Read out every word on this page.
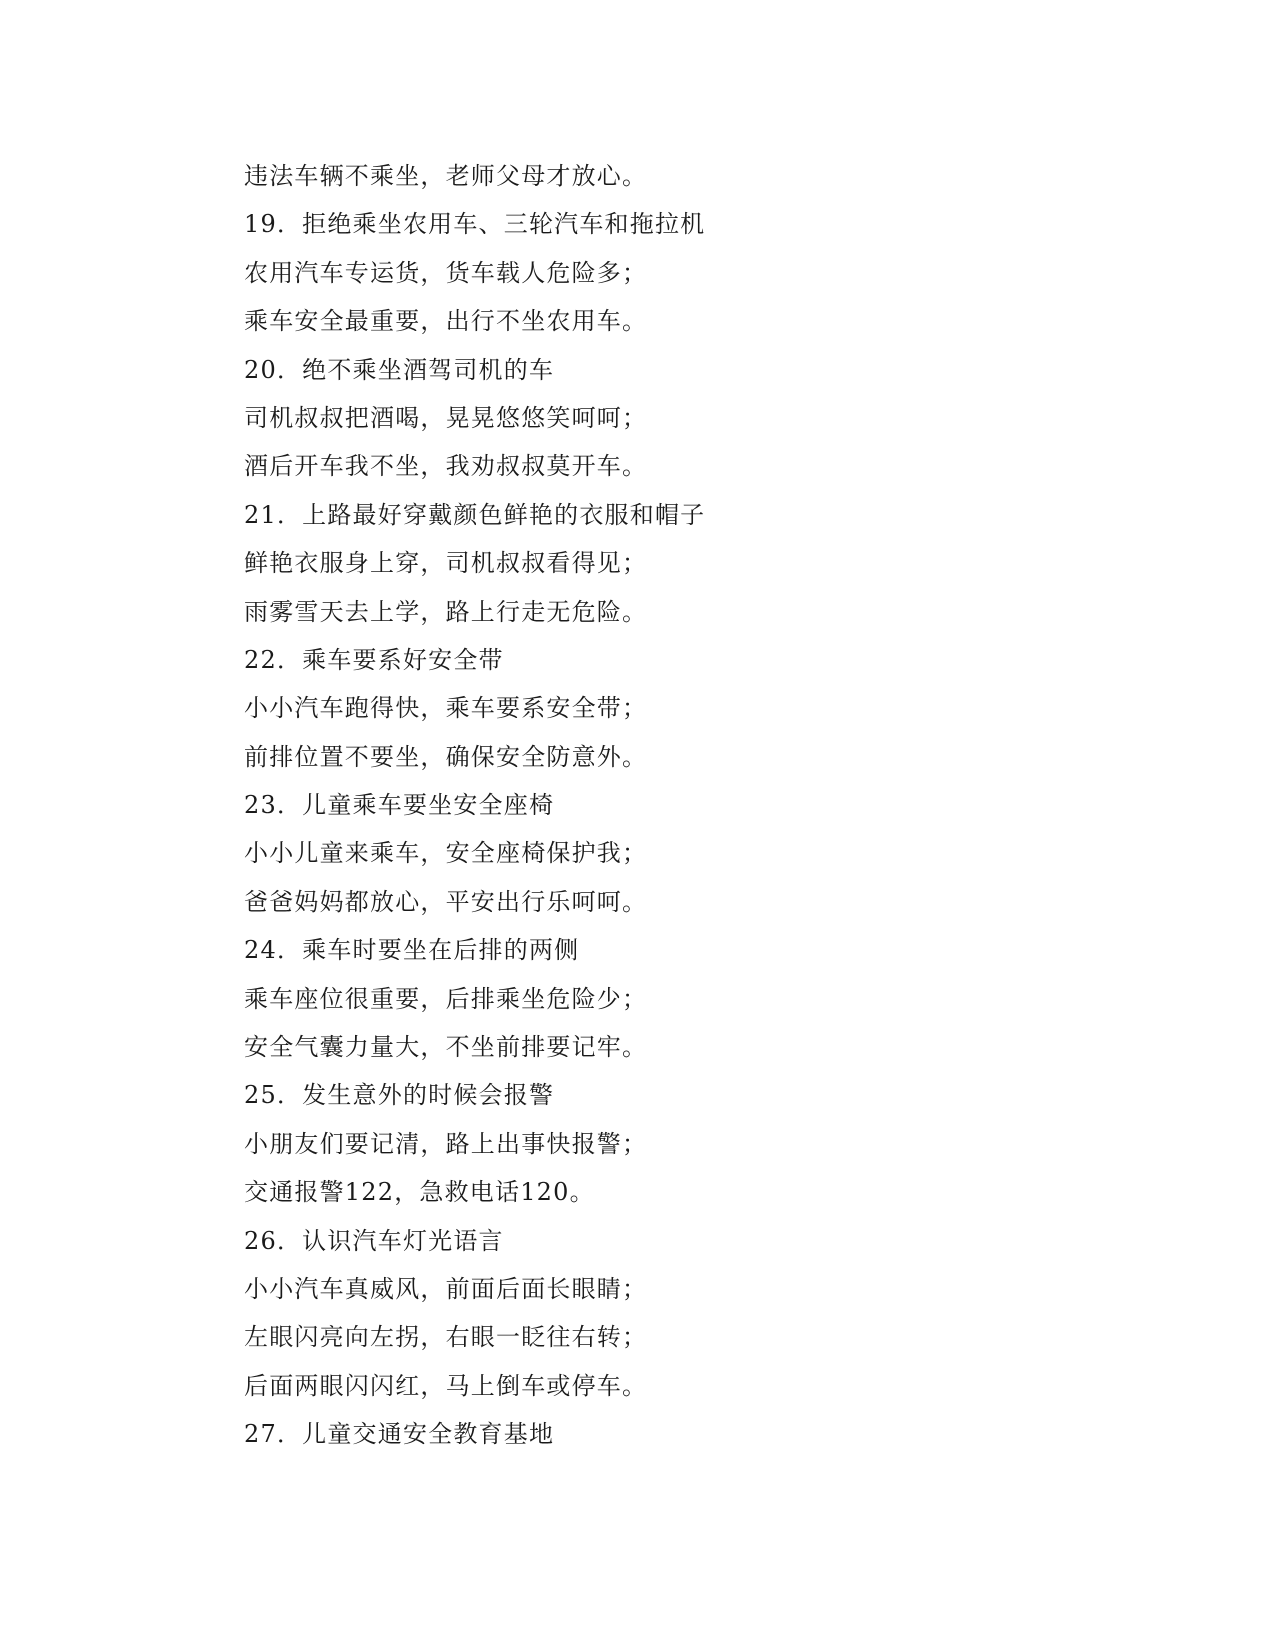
违法车辆不乘坐，老师父母才放心。
19．拒绝乘坐农用车、三轮汽车和拖拉机
农用汽车专运货，货车载人危险多；
乘车安全最重要，出行不坐农用车。
20．绝不乘坐酒驾司机的车
司机叔叔把酒喝，晃晃悠悠笑呵呵；
酒后开车我不坐，我劝叔叔莫开车。
21．上路最好穿戴颜色鲜艳的衣服和帽子
鲜艳衣服身上穿，司机叔叔看得见；
雨雾雪天去上学，路上行走无危险。
22．乘车要系好安全带
小小汽车跑得快，乘车要系安全带；
前排位置不要坐，确保安全防意外。
23．儿童乘车要坐安全座椅
小小儿童来乘车，安全座椅保护我；
爸爸妈妈都放心，平安出行乐呵呵。
24．乘车时要坐在后排的两侧
乘车座位很重要，后排乘坐危险少；
安全气囊力量大，不坐前排要记牢。
25．发生意外的时候会报警
小朋友们要记清，路上出事快报警；
交通报警122，急救电话120。
26．认识汽车灯光语言
小小汽车真威风，前面后面长眼睛；
左眼闪亮向左拐，右眼一眨往右转；
后面两眼闪闪红，马上倒车或停车。
27．儿童交通安全教育基地
